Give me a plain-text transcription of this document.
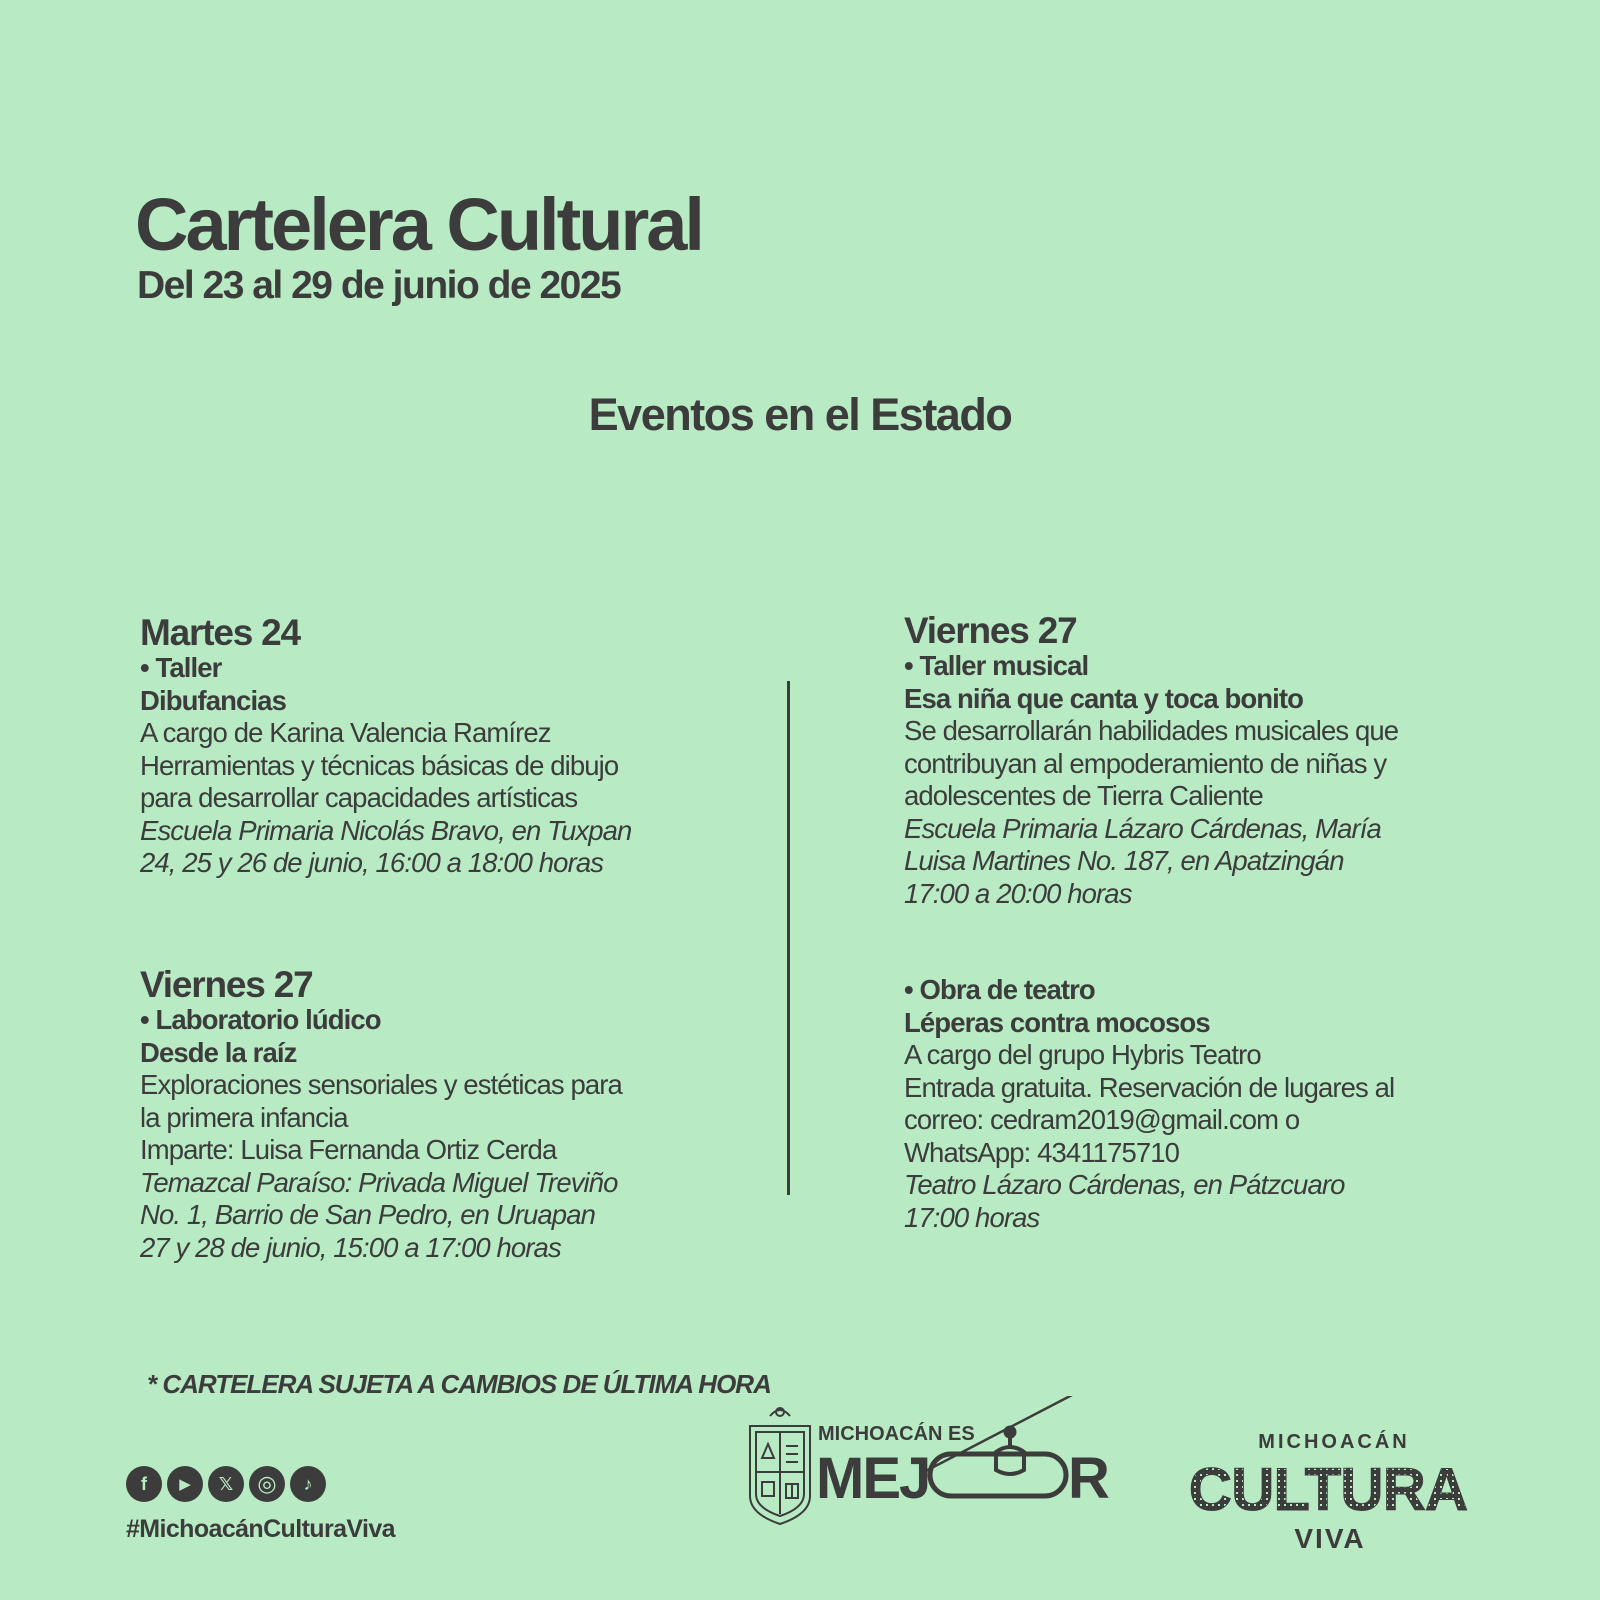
Cartelera Cultural
Del 23 al 29 de junio de 2025
Eventos en el Estado
Martes 24
• Taller
Dibufancias
A cargo de Karina Valencia Ramírez
Herramientas y técnicas básicas de dibujo
para desarrollar capacidades artísticas
Escuela Primaria Nicolás Bravo, en Tuxpan
24, 25 y 26 de junio, 16:00 a 18:00 horas
Viernes 27
• Laboratorio lúdico
Desde la raíz
Exploraciones sensoriales y estéticas para
la primera infancia
Imparte: Luisa Fernanda Ortiz Cerda
Temazcal Paraíso: Privada Miguel Treviño
No. 1, Barrio de San Pedro, en Uruapan
27 y 28 de junio, 15:00 a 17:00 horas
Viernes 27
• Taller musical
Esa niña que canta y toca bonito
Se desarrollarán habilidades musicales que
contribuyan al empoderamiento de niñas y
adolescentes de Tierra Caliente
Escuela Primaria Lázaro Cárdenas, María
Luisa Martines No. 187, en Apatzingán
17:00 a 20:00 horas
• Obra de teatro
Léperas contra mocosos
A cargo del grupo Hybris Teatro
Entrada gratuita. Reservación de lugares al
correo: cedram2019@gmail.com o
WhatsApp: 4341175710
Teatro Lázaro Cárdenas, en Pátzcuaro
17:00 horas
* CARTELERA SUJETA A CAMBIOS DE ÚLTIMA HORA
f	▶	𝕏	◎	♪
#MichoacánCulturaViva
MICHOACÁN ES
MEJ R
MICHOACÁN
CULTURA
VIVA
